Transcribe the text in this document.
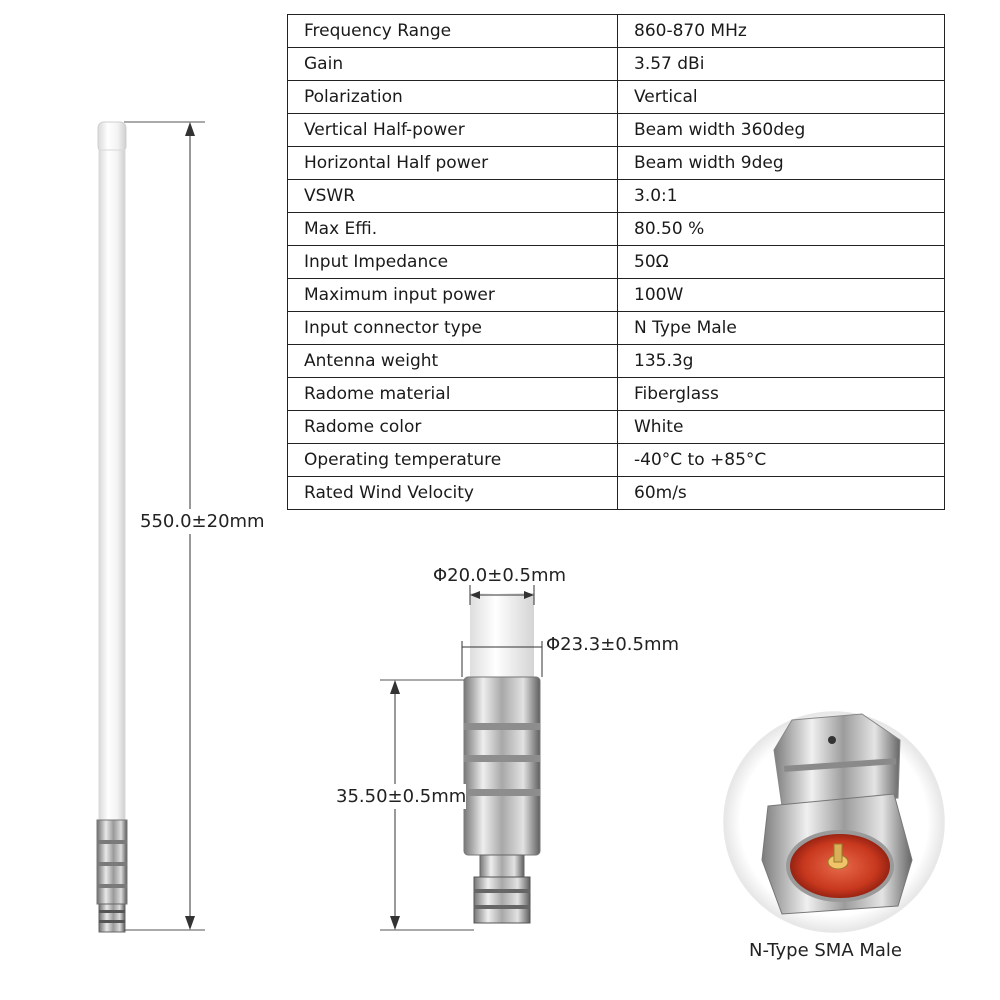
Frequency Range	860-870 MHz
Gain	3.57 dBi
Polarization	Vertical
Vertical Half-power	Beam width 360deg
Horizontal Half power	Beam width 9deg
VSWR	3.0:1
Max Effi.	80.50 %
Input Impedance	50Ω
Maximum input power	100W
Input connector type	N Type Male
Antenna weight	135.3g
Radome material	Fiberglass
Radome color	White
Operating temperature	-40°C to +85°C
Rated Wind Velocity	60m/s
550.0±20mm
Φ20.0±0.5mm
Φ23.3±0.5mm
35.50±0.5mm
N-Type SMA Male
